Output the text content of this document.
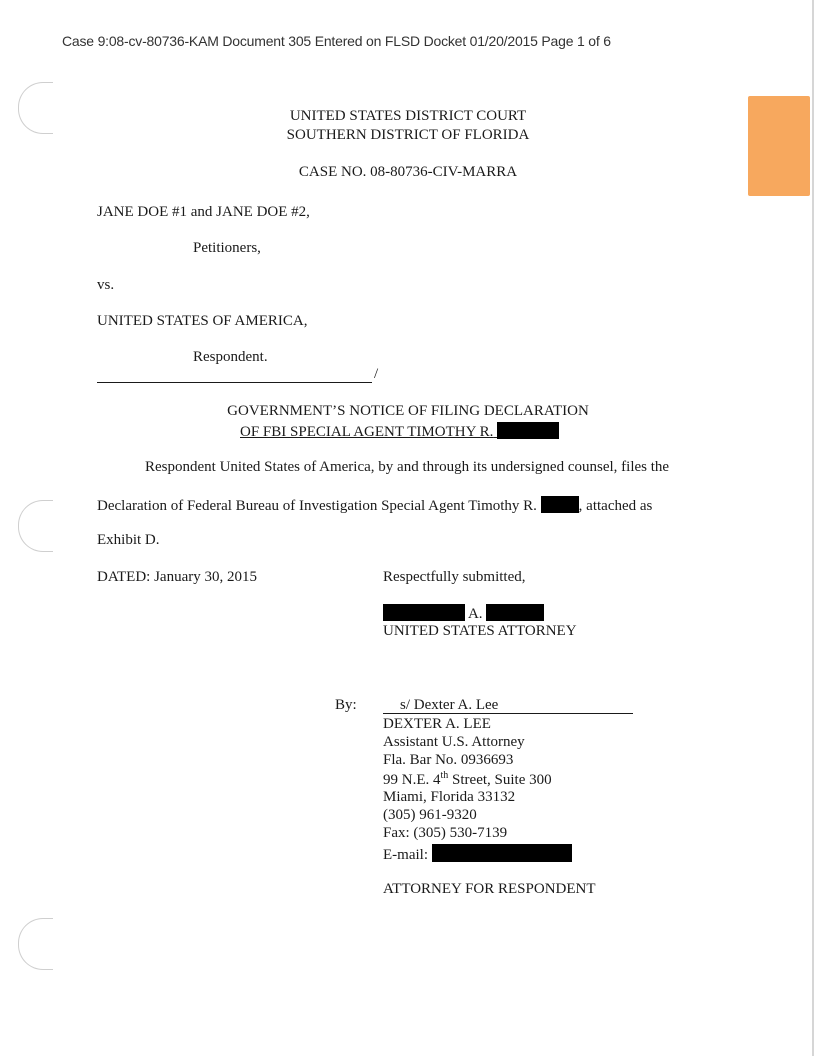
Case 9:08-cv-80736-KAM Document 305 Entered on FLSD Docket 01/20/2015 Page 1 of 6
UNITED STATES DISTRICT COURT
SOUTHERN DISTRICT OF FLORIDA
CASE NO. 08-80736-CIV-MARRA
JANE DOE #1 and JANE DOE #2,
Petitioners,
vs.
UNITED STATES OF AMERICA,
Respondent.
/
GOVERNMENT’S NOTICE OF FILING DECLARATION
OF FBI SPECIAL AGENT TIMOTHY R.
Respondent United States of America, by and through its undersigned counsel, files the
Declaration of Federal Bureau of Investigation Special Agent Timothy R.	, attached as
Exhibit D.
DATED: January 30, 2015	Respectfully submitted,
A.
UNITED STATES ATTORNEY
By:	s/ Dexter A. Lee
DEXTER A. LEE
Assistant U.S. Attorney
Fla. Bar No. 0936693
99 N.E. 4th Street, Suite 300
Miami, Florida 33132
(305) 961-9320
Fax: (305) 530-7139
E-mail:
ATTORNEY FOR RESPONDENT
